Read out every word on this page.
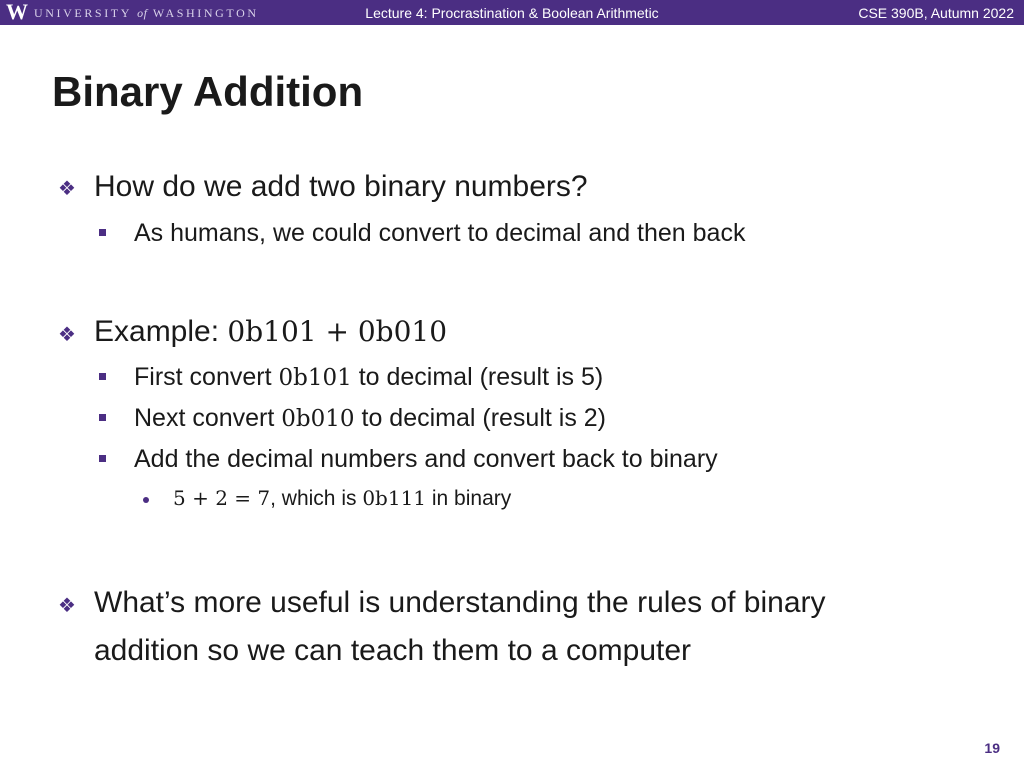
W UNIVERSITY of WASHINGTON	Lecture 4: Procrastination & Boolean Arithmetic	CSE 390B, Autumn 2022
Binary Addition
❖ How do we add two binary numbers?
As humans, we could convert to decimal and then back
❖ Example: 0b101 + 0b010
First convert 0b101 to decimal (result is 5)
Next convert 0b010 to decimal (result is 2)
Add the decimal numbers and convert back to binary
5 + 2 = 7, which is 0b111 in binary
❖ What’s more useful is understanding the rules of binary
addition so we can teach them to a computer
19
